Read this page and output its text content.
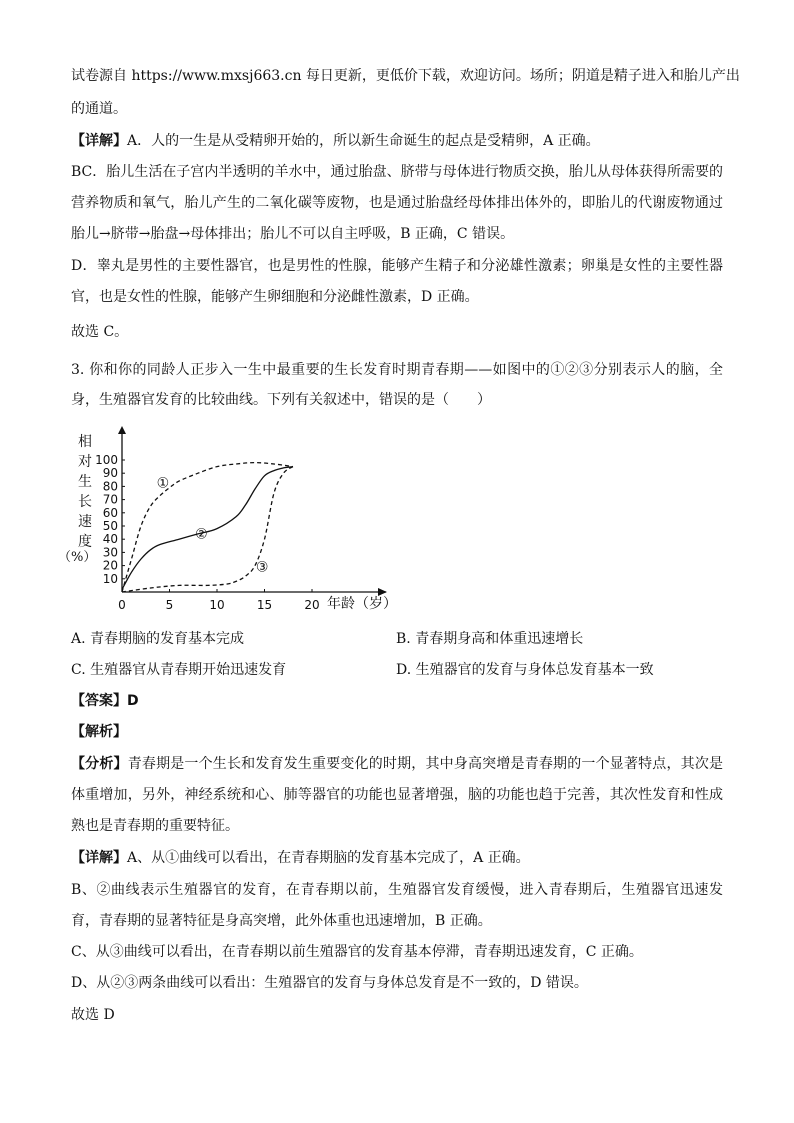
试卷源自 https://www.mxsj663.cn 每日更新，更低价下载，欢迎访问。场所；阴道是精子进入和胎儿产出
的通道。
【详解】A．人的一生是从受精卵开始的，所以新生命诞生的起点是受精卵，A 正确。
BC．胎儿生活在子宫内半透明的羊水中，通过胎盘、脐带与母体进行物质交换，胎儿从母体获得所需要的
营养物质和氧气，胎儿产生的二氧化碳等废物，也是通过胎盘经母体排出体外的，即胎儿的代谢废物通过
胎儿→脐带→胎盘→母体排出；胎儿不可以自主呼吸，B 正确，C 错误。
D．睾丸是男性的主要性器官，也是男性的性腺，能够产生精子和分泌雄性激素；卵巢是女性的主要性器
官，也是女性的性腺，能够产生卵细胞和分泌雌性激素，D 正确。
故选 C。
3. 你和你的同龄人正步入一生中最重要的生长发育时期青春期——如图中的①②③分别表示人的脑，全
身，生殖器官发育的比较曲线。下列有关叙述中，错误的是（　　）
相
对
生
长
速
度
（%）
10
20
30
40
50
60
70
80
90
100
0	5	10	15	20
①
②
③
年龄（岁）
A. 青春期脑的发育基本完成	B. 青春期身高和体重迅速增长
C. 生殖器官从青春期开始迅速发育	D. 生殖器官的发育与身体总发育基本一致
【答案】D
【解析】
【分析】青春期是一个生长和发育发生重要变化的时期，其中身高突增是青春期的一个显著特点，其次是
体重增加，另外，神经系统和心、肺等器官的功能也显著增强，脑的功能也趋于完善，其次性发育和性成
熟也是青春期的重要特征。
【详解】A、从①曲线可以看出，在青春期脑的发育基本完成了，A 正确。
B、②曲线表示生殖器官的发育，在青春期以前，生殖器官发育缓慢，进入青春期后，生殖器官迅速发
育，青春期的显著特征是身高突增，此外体重也迅速增加，B 正确。
C、从③曲线可以看出，在青春期以前生殖器官的发育基本停滞，青春期迅速发育，C 正确。
D、从②③两条曲线可以看出：生殖器官的发育与身体总发育是不一致的，D 错误。
故选 D
